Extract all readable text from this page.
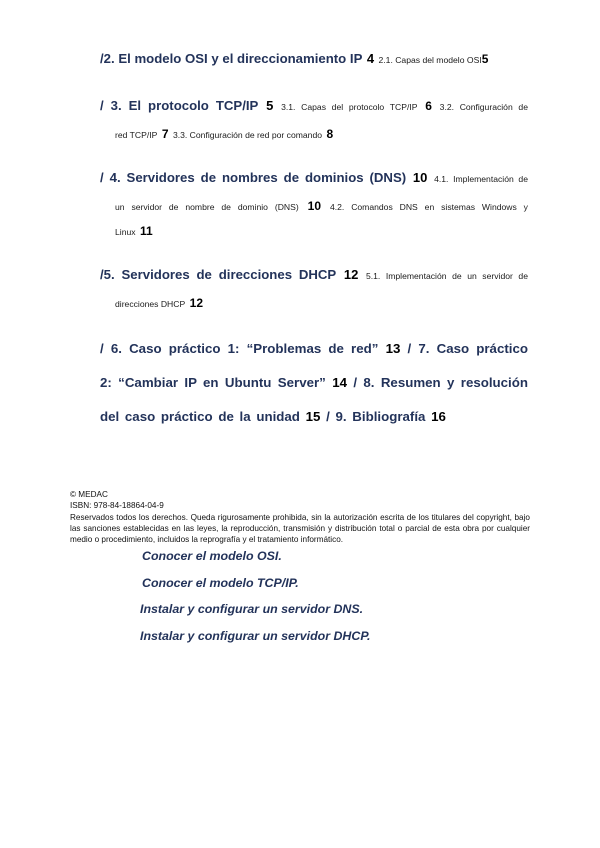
/2. El modelo OSI y el direccionamiento IP 4 2.1. Capas del modelo OSI5
/ 3. El protocolo TCP/IP 5 3.1. Capas del protocolo TCP/IP 6 3.2. Configuración de
red TCP/IP 7 3.3. Configuración de red por comando 8
/ 4. Servidores de nombres de dominios (DNS) 10 4.1. Implementación de
un servidor de nombre de dominio (DNS) 10 4.2. Comandos DNS en sistemas Windows y
Linux 11
/5. Servidores de direcciones DHCP 12 5.1. Implementación de un servidor de
direcciones DHCP 12
/ 6. Caso práctico 1: “Problemas de red” 13 / 7. Caso práctico 2: “Cambiar IP en Ubuntu Server” 14 / 8. Resumen y resolución del caso práctico de la unidad 15 / 9. Bibliografía 16

© MEDAC

ISBN: 978-84-18864-04-9

Reservados todos los derechos. Queda rigurosamente prohibida, sin la autorización escrita de los titulares del copyright, bajo las sanciones establecidas en las leyes, la reproducción, transmisión y distribución total o parcial de esta obra por cualquier medio o procedimiento, incluidos la reprografía y el tratamiento informático.

Conocer el modelo OSI.
Conocer el modelo TCP/IP.
Instalar y configurar un servidor DNS.
Instalar y configurar un servidor DHCP.
